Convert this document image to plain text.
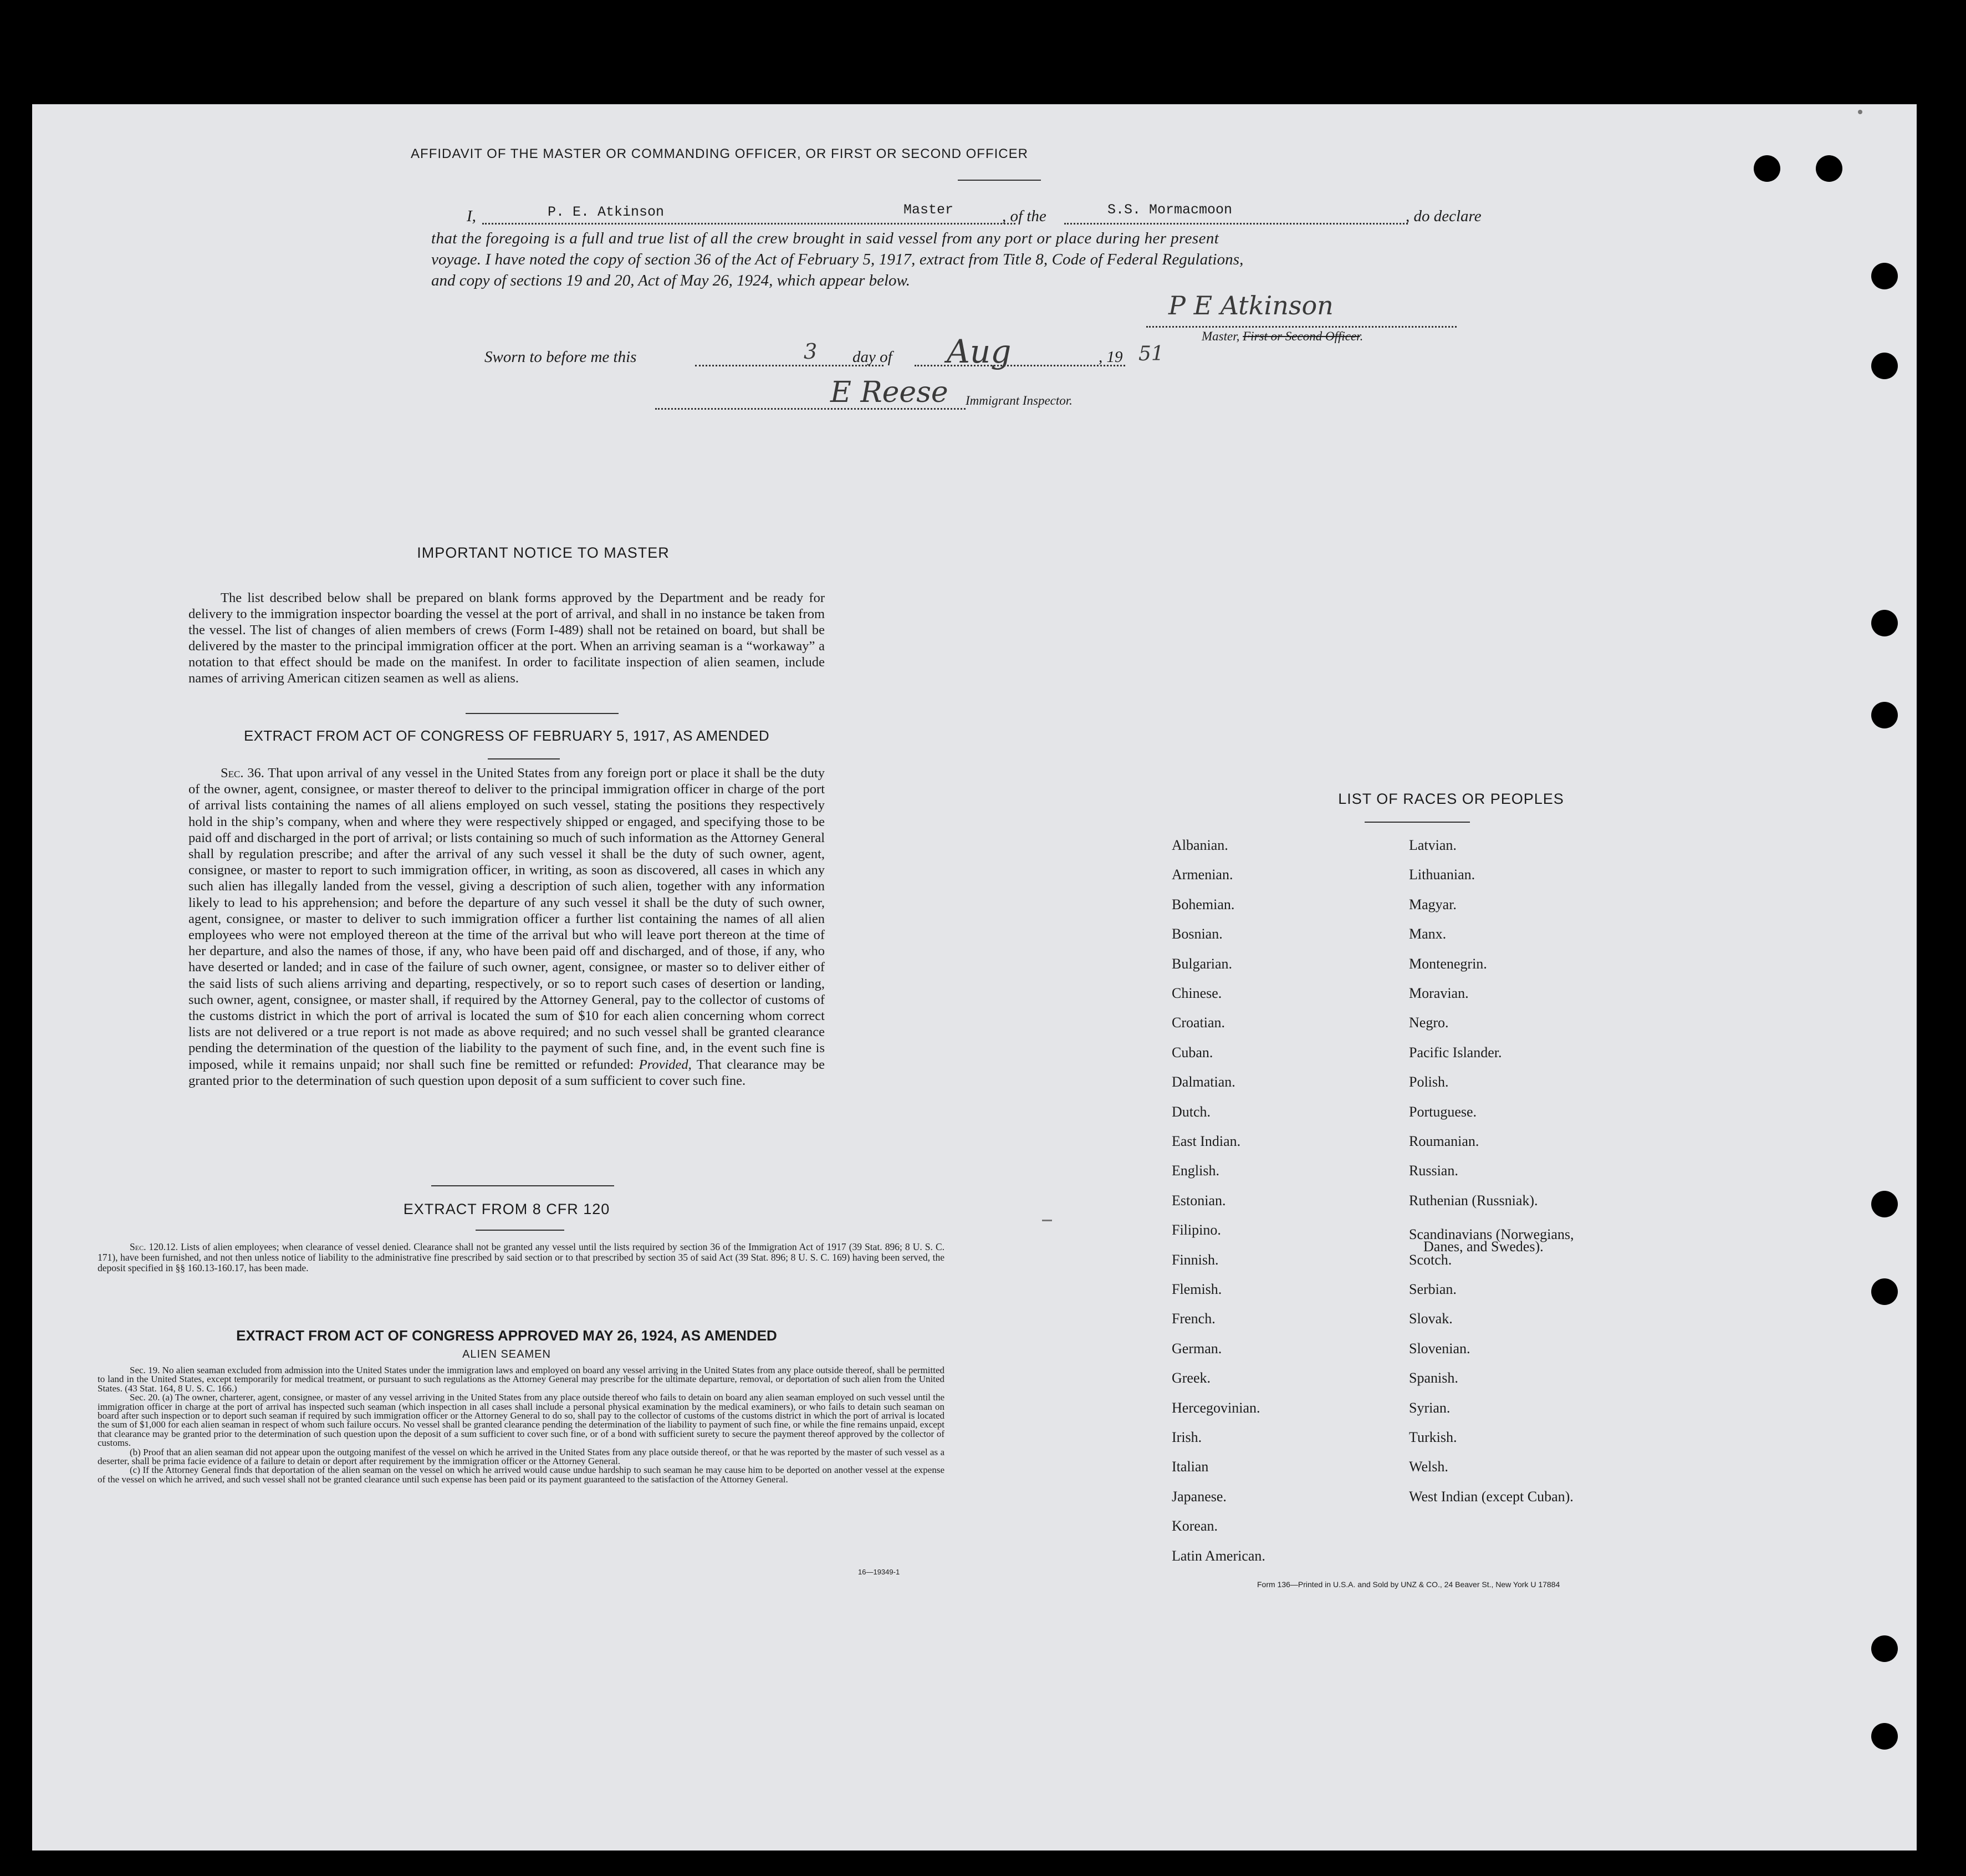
AFFIDAVIT OF THE MASTER OR COMMANDING OFFICER, OR FIRST OR SECOND OFFICER
I,	P. E. Atkinson	Master	, of the	S.S. Mormacmoon	, do declare
that the foregoing is a full and true list of all the crew brought in said vessel from any port or place during her present
voyage. I have noted the copy of section 36 of the Act of February 5, 1917, extract from Title 8, Code of Federal Regulations,
and copy of sections 19 and 20, Act of May 26, 1924, which appear below.
P E Atkinson
Master, First or Second Officer.
Sworn to before me this	3 day of Aug	, 19 51
E Reese Immigrant Inspector.
IMPORTANT NOTICE TO MASTER
The list described below shall be prepared on blank forms approved by the Department and be ready for delivery to the immigration inspector boarding the vessel at the port of arrival, and shall in no instance be taken from the vessel. The list of changes of alien members of crews (Form I-489) shall not be retained on board, but shall be delivered by the master to the principal immigration officer at the port. When an arriving seaman is a “workaway” a notation to that effect should be made on the manifest. In order to facilitate inspection of alien seamen, include names of arriving American citizen seamen as well as aliens.
EXTRACT FROM ACT OF CONGRESS OF FEBRUARY 5, 1917, AS AMENDED
Sec. 36. That upon arrival of any vessel in the United States from any foreign port or place it shall be the duty of the owner, agent, consignee, or master thereof to deliver to the principal immigration officer in charge of the port of arrival lists containing the names of all aliens employed on such vessel, stating the positions they respectively hold in the ship’s company, when and where they were respectively shipped or engaged, and specifying those to be paid off and discharged in the port of arrival; or lists containing so much of such information as the Attorney General shall by regulation prescribe; and after the arrival of any such vessel it shall be the duty of such owner, agent, consignee, or master to report to such immigration officer, in writing, as soon as discovered, all cases in which any such alien has illegally landed from the vessel, giving a description of such alien, together with any information likely to lead to his apprehension; and before the departure of any such vessel it shall be the duty of such owner, agent, consignee, or master to deliver to such immigration officer a further list containing the names of all alien employees who were not employed thereon at the time of the arrival but who will leave port thereon at the time of her departure, and also the names of those, if any, who have been paid off and discharged, and of those, if any, who have deserted or landed; and in case of the failure of such owner, agent, consignee, or master so to deliver either of the said lists of such aliens arriving and departing, respectively, or so to report such cases of desertion or landing, such owner, agent, consignee, or master shall, if required by the Attorney General, pay to the collector of customs of the customs district in which the port of arrival is located the sum of $10 for each alien concerning whom correct lists are not delivered or a true report is not made as above required; and no such vessel shall be granted clearance pending the determination of the question of the liability to the payment of such fine, and, in the event such fine is imposed, while it remains unpaid; nor shall such fine be remitted or refunded: Provided, That clearance may be granted prior to the determination of such question upon deposit of a sum sufficient to cover such fine.
EXTRACT FROM 8 CFR 120
Sec. 120.12. Lists of alien employees; when clearance of vessel denied. Clearance shall not be granted any vessel until the lists required by section 36 of the Immigration Act of 1917 (39 Stat. 896; 8 U. S. C. 171), have been furnished, and not then unless notice of liability to the administrative fine prescribed by said section or to that prescribed by section 35 of said Act (39 Stat. 896; 8 U. S. C. 169) having been served, the deposit specified in §§ 160.13-160.17, has been made.
EXTRACT FROM ACT OF CONGRESS APPROVED MAY 26, 1924, AS AMENDED
ALIEN SEAMEN

Sec. 19. No alien seaman excluded from admission into the United States under the immigration laws and employed on board any vessel arriving in the United States from any place outside thereof, shall be permitted to land in the United States, except temporarily for medical treatment, or pursuant to such regulations as the Attorney General may prescribe for the ultimate departure, removal, or deportation of such alien from the United States. (43 Stat. 164, 8 U. S. C. 166.)

Sec. 20. (a) The owner, charterer, agent, consignee, or master of any vessel arriving in the United States from any place outside thereof who fails to detain on board any alien seaman employed on such vessel until the immigration officer in charge at the port of arrival has inspected such seaman (which inspection in all cases shall include a personal physical examination by the medical examiners), or who fails to detain such seaman on board after such inspection or to deport such seaman if required by such immigration officer or the Attorney General to do so, shall pay to the collector of customs of the customs district in which the port of arrival is located the sum of $1,000 for each alien seaman in respect of whom such failure occurs. No vessel shall be granted clearance pending the determination of the liability to payment of such fine, or while the fine remains unpaid, except that clearance may be granted prior to the determination of such question upon the deposit of a sum sufficient to cover such fine, or of a bond with sufficient surety to secure the payment thereof approved by the collector of customs.

(b) Proof that an alien seaman did not appear upon the outgoing manifest of the vessel on which he arrived in the United States from any place outside thereof, or that he was reported by the master of such vessel as a deserter, shall be prima facie evidence of a failure to detain or deport after requirement by the immigration officer or the Attorney General.

(c) If the Attorney General finds that deportation of the alien seaman on the vessel on which he arrived would cause undue hardship to such seaman he may cause him to be deported on another vessel at the expense of the vessel on which he arrived, and such vessel shall not be granted clearance until such expense has been paid or its payment guaranteed to the satisfaction of the Attorney General.

16—19349-1
LIST OF RACES OR PEOPLES
Albanian.
Armenian.
Bohemian.
Bosnian.
Bulgarian.
Chinese.
Croatian.
Cuban.
Dalmatian.
Dutch.
East Indian.
English.
Estonian.
Filipino.
Finnish.
Flemish.
French.
German.
Greek.
Hercegovinian.
Irish.
Italian
Japanese.
Korean.
Latin American.
Latvian.
Lithuanian.
Magyar.
Manx.
Montenegrin.
Moravian.
Negro.
Pacific Islander.
Polish.
Portuguese.
Roumanian.
Russian.
Ruthenian (Russniak).
Scandinavians (Norwegians,
Danes, and Swedes).
Scotch.
Serbian.
Slovak.
Slovenian.
Spanish.
Syrian.
Turkish.
Welsh.
West Indian (except Cuban).
Form 136—Printed in U.S.A. and Sold by UNZ & CO., 24 Beaver St., New York U 17884
